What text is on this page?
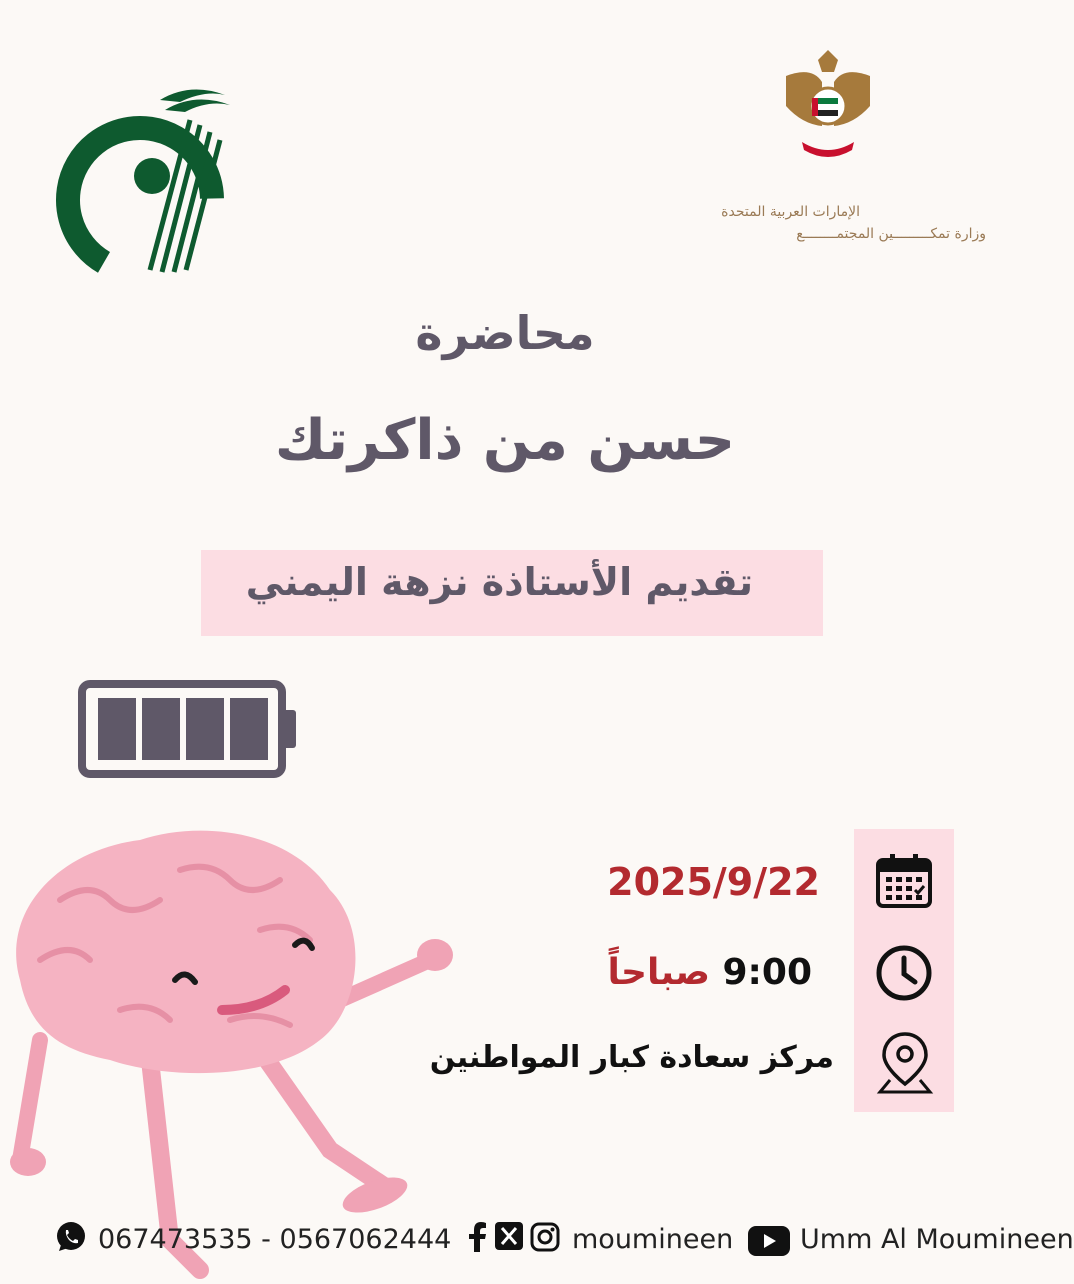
الإمارات العربية المتحدة
وزارة تمكـــــــــين المجتمــــــــع
محاضرة
حسن من ذاكرتك
تقديم الأستاذة نزهة اليمني
2025/9/22
9:00
صباحاً
مركز سعادة كبار المواطنين
067473535 - 0567062444	moumineen Umm Al Moumineen
